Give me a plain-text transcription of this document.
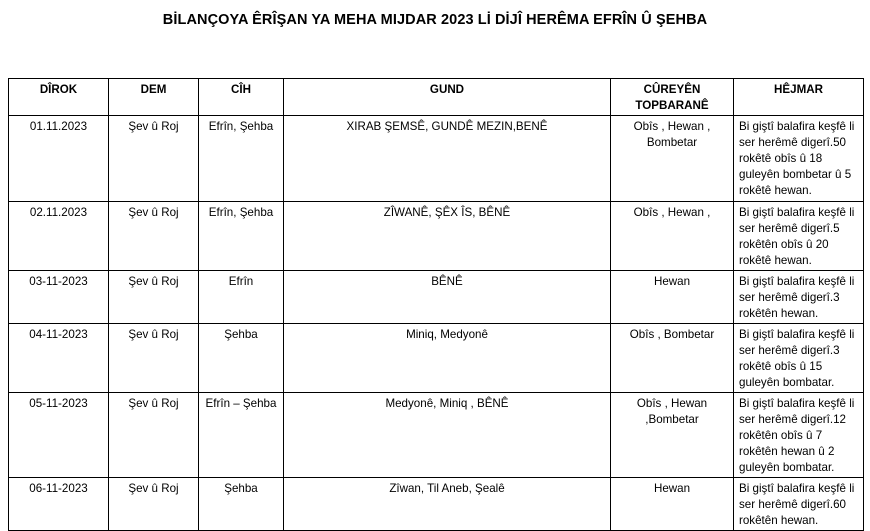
BİLANÇOYA ÊRÎŞAN YA MEHA MIJDAR 2023 Lİ DİJÎ HERÊMA EFRÎN Û ŞEHBA
DÎROK	DEM	CÎH	GUND	CÛREYÊN
TOPBARANÊ	HÊJMAR
01.11.2023	Şev û Roj	Efrîn, Şehba	XIRAB ŞEMSÊ, GUNDÊ MEZIN,BENÊ	Obîs , Hewan ,
Bombetar	Bi giştî balafira keşfê li
ser herêmê digerî.50
rokêtê obîs û 18
guleyên bombetar û 5
rokêtê hewan.
02.11.2023	Şev û Roj	Efrîn, Şehba	ZÎWANÊ, ŞÊX ÎS, BÊNÊ	Obîs , Hewan ,	Bi giştî balafira keşfê li
ser herêmê digerî.5
rokêtên obîs û 20
rokêtê hewan.
03-11-2023	Şev û Roj	Efrîn	BÊNÊ	Hewan	Bi giştî balafira keşfê li
ser herêmê digerî.3
rokêtên hewan.
04-11-2023	Şev û Roj	Şehba	Miniq, Medyonê	Obîs , Bombetar	Bi giştî balafira keşfê li
ser herêmê digerî.3
rokêtê obîs û 15
guleyên bombatar.
05-11-2023	Şev û Roj	Efrîn – Şehba	Medyonê, Miniq , BÊNÊ	Obîs , Hewan
,Bombetar	Bi giştî balafira keşfê li
ser herêmê digerî.12
rokêtên obîs û 7
rokêtên hewan û 2
guleyên bombatar.
06-11-2023	Şev û Roj	Şehba	Zîwan, Til Aneb, Şealê	Hewan	Bi giştî balafira keşfê li
ser herêmê digerî.60
rokêtên hewan.
